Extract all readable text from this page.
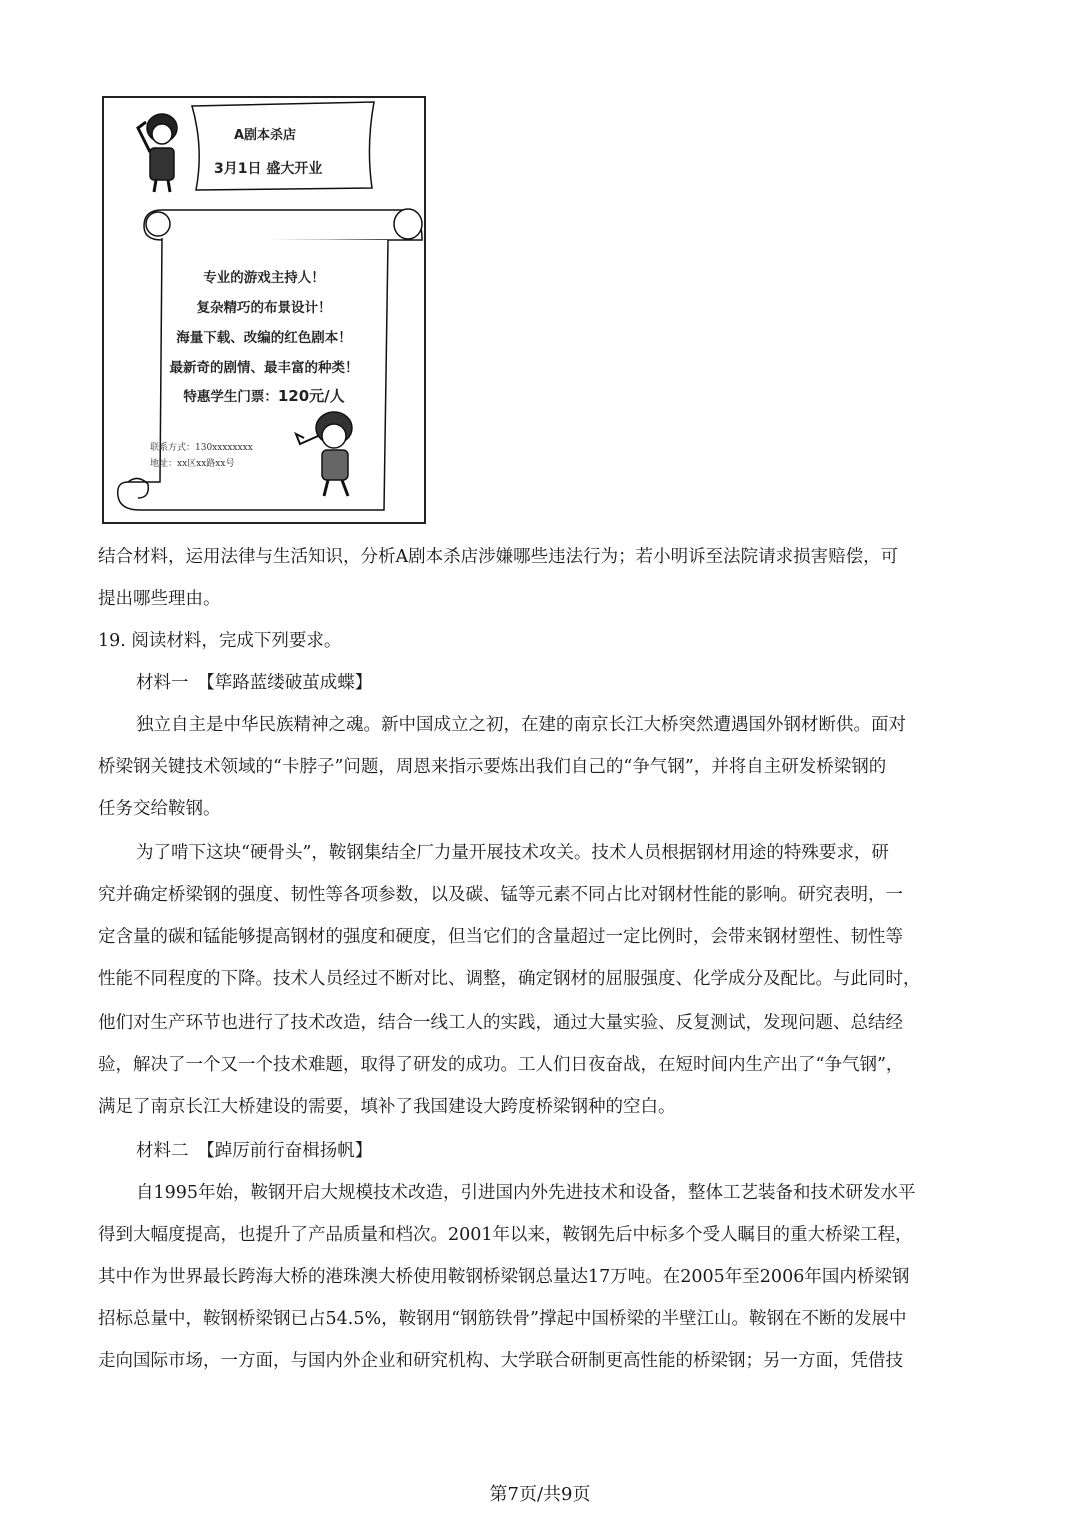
A剧本杀店
3月1日 盛大开业
专业的游戏主持人！
复杂精巧的布景设计！
海量下载、改编的红色剧本！
最新奇的剧情、最丰富的种类！
特惠学生门票：120元/人
联系方式：130xxxxxxxx
地址：xx区xx路xx号
结合材料，运用法律与生活知识，分析A剧本杀店涉嫌哪些违法行为；若小明诉至法院请求损害赔偿，可
提出哪些理由。
19. 阅读材料，完成下列要求。
材料一　【筚路蓝缕破茧成蝶】
独立自主是中华民族精神之魂。新中国成立之初，在建的南京长江大桥突然遭遇国外钢材断供。面对
桥梁钢关键技术领域的“卡脖子”问题，周恩来指示要炼出我们自己的“争气钢”，并将自主研发桥梁钢的
任务交给鞍钢。
为了啃下这块“硬骨头”，鞍钢集结全厂力量开展技术攻关。技术人员根据钢材用途的特殊要求，研
究并确定桥梁钢的强度、韧性等各项参数，以及碳、锰等元素不同占比对钢材性能的影响。研究表明，一
定含量的碳和锰能够提高钢材的强度和硬度，但当它们的含量超过一定比例时，会带来钢材塑性、韧性等
性能不同程度的下降。技术人员经过不断对比、调整，确定钢材的屈服强度、化学成分及配比。与此同时，
他们对生产环节也进行了技术改造，结合一线工人的实践，通过大量实验、反复测试，发现问题、总结经
验，解决了一个又一个技术难题，取得了研发的成功。工人们日夜奋战，在短时间内生产出了“争气钢”，
满足了南京长江大桥建设的需要，填补了我国建设大跨度桥梁钢种的空白。
材料二　【踔厉前行奋楫扬帆】
自1995年始，鞍钢开启大规模技术改造，引进国内外先进技术和设备，整体工艺装备和技术研发水平
得到大幅度提高，也提升了产品质量和档次。2001年以来，鞍钢先后中标多个受人瞩目的重大桥梁工程，
其中作为世界最长跨海大桥的港珠澳大桥使用鞍钢桥梁钢总量达17万吨。在2005年至2006年国内桥梁钢
招标总量中，鞍钢桥梁钢已占54.5%，鞍钢用“钢筋铁骨”撑起中国桥梁的半壁江山。鞍钢在不断的发展中
走向国际市场，一方面，与国内外企业和研究机构、大学联合研制更高性能的桥梁钢；另一方面，凭借技
第7页/共9页
